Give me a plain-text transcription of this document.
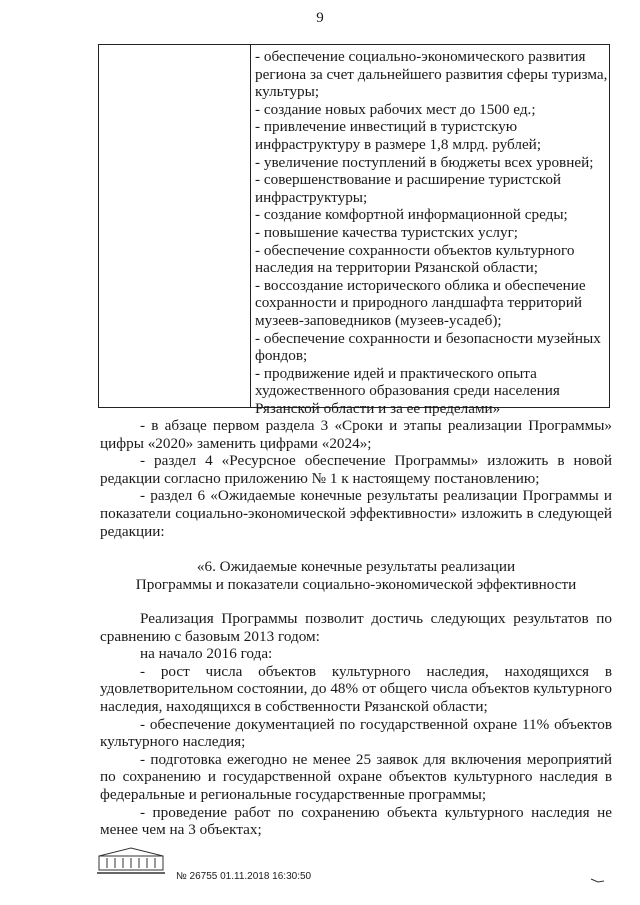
9
- обеспечение социально-экономического развития
региона за счет дальнейшего развития сферы туризма,
культуры;
- создание новых рабочих мест до 1500 ед.;
- привлечение инвестиций в туристскую
инфраструктуру в размере 1,8 млрд. рублей;
- увеличение поступлений в бюджеты всех уровней;
- совершенствование и расширение туристской
инфраструктуры;
- создание комфортной информационной среды;
- повышение качества туристских услуг;
- обеспечение сохранности объектов культурного
наследия на территории Рязанской области;
- воссоздание исторического облика и обеспечение
сохранности и природного ландшафта территорий
музеев-заповедников (музеев-усадеб);
- обеспечение сохранности и безопасности музейных
фондов;
- продвижение идей и практического опыта
художественного образования среди населения
Рязанской области и за ее пределами»
- в абзаце первом раздела 3 «Сроки и этапы реализации Программы» цифры «2020» заменить цифрами «2024»;
- раздел 4 «Ресурсное обеспечение Программы» изложить в новой редакции согласно приложению № 1 к настоящему постановлению;
- раздел 6 «Ожидаемые конечные результаты реализации Программы и показатели социально-экономической эффективности» изложить в следующей редакции:
«6. Ожидаемые конечные результаты реализации
Программы и показатели социально-экономической эффективности
Реализация Программы позволит достичь следующих результатов по сравнению с базовым 2013 годом:
на начало 2016 года:
- рост числа объектов культурного наследия, находящихся в удовлетворительном состоянии, до 48% от общего числа объектов культурного наследия, находящихся в собственности Рязанской области;
- обеспечение документацией по государственной охране 11% объектов культурного наследия;
- подготовка ежегодно не менее 25 заявок для включения мероприятий по сохранению и государственной охране объектов культурного наследия в федеральные и региональные государственные программы;
- проведение работ по сохранению объекта культурного наследия не менее чем на 3 объектах;
№ 26755 01.11.2018 16:30:50
